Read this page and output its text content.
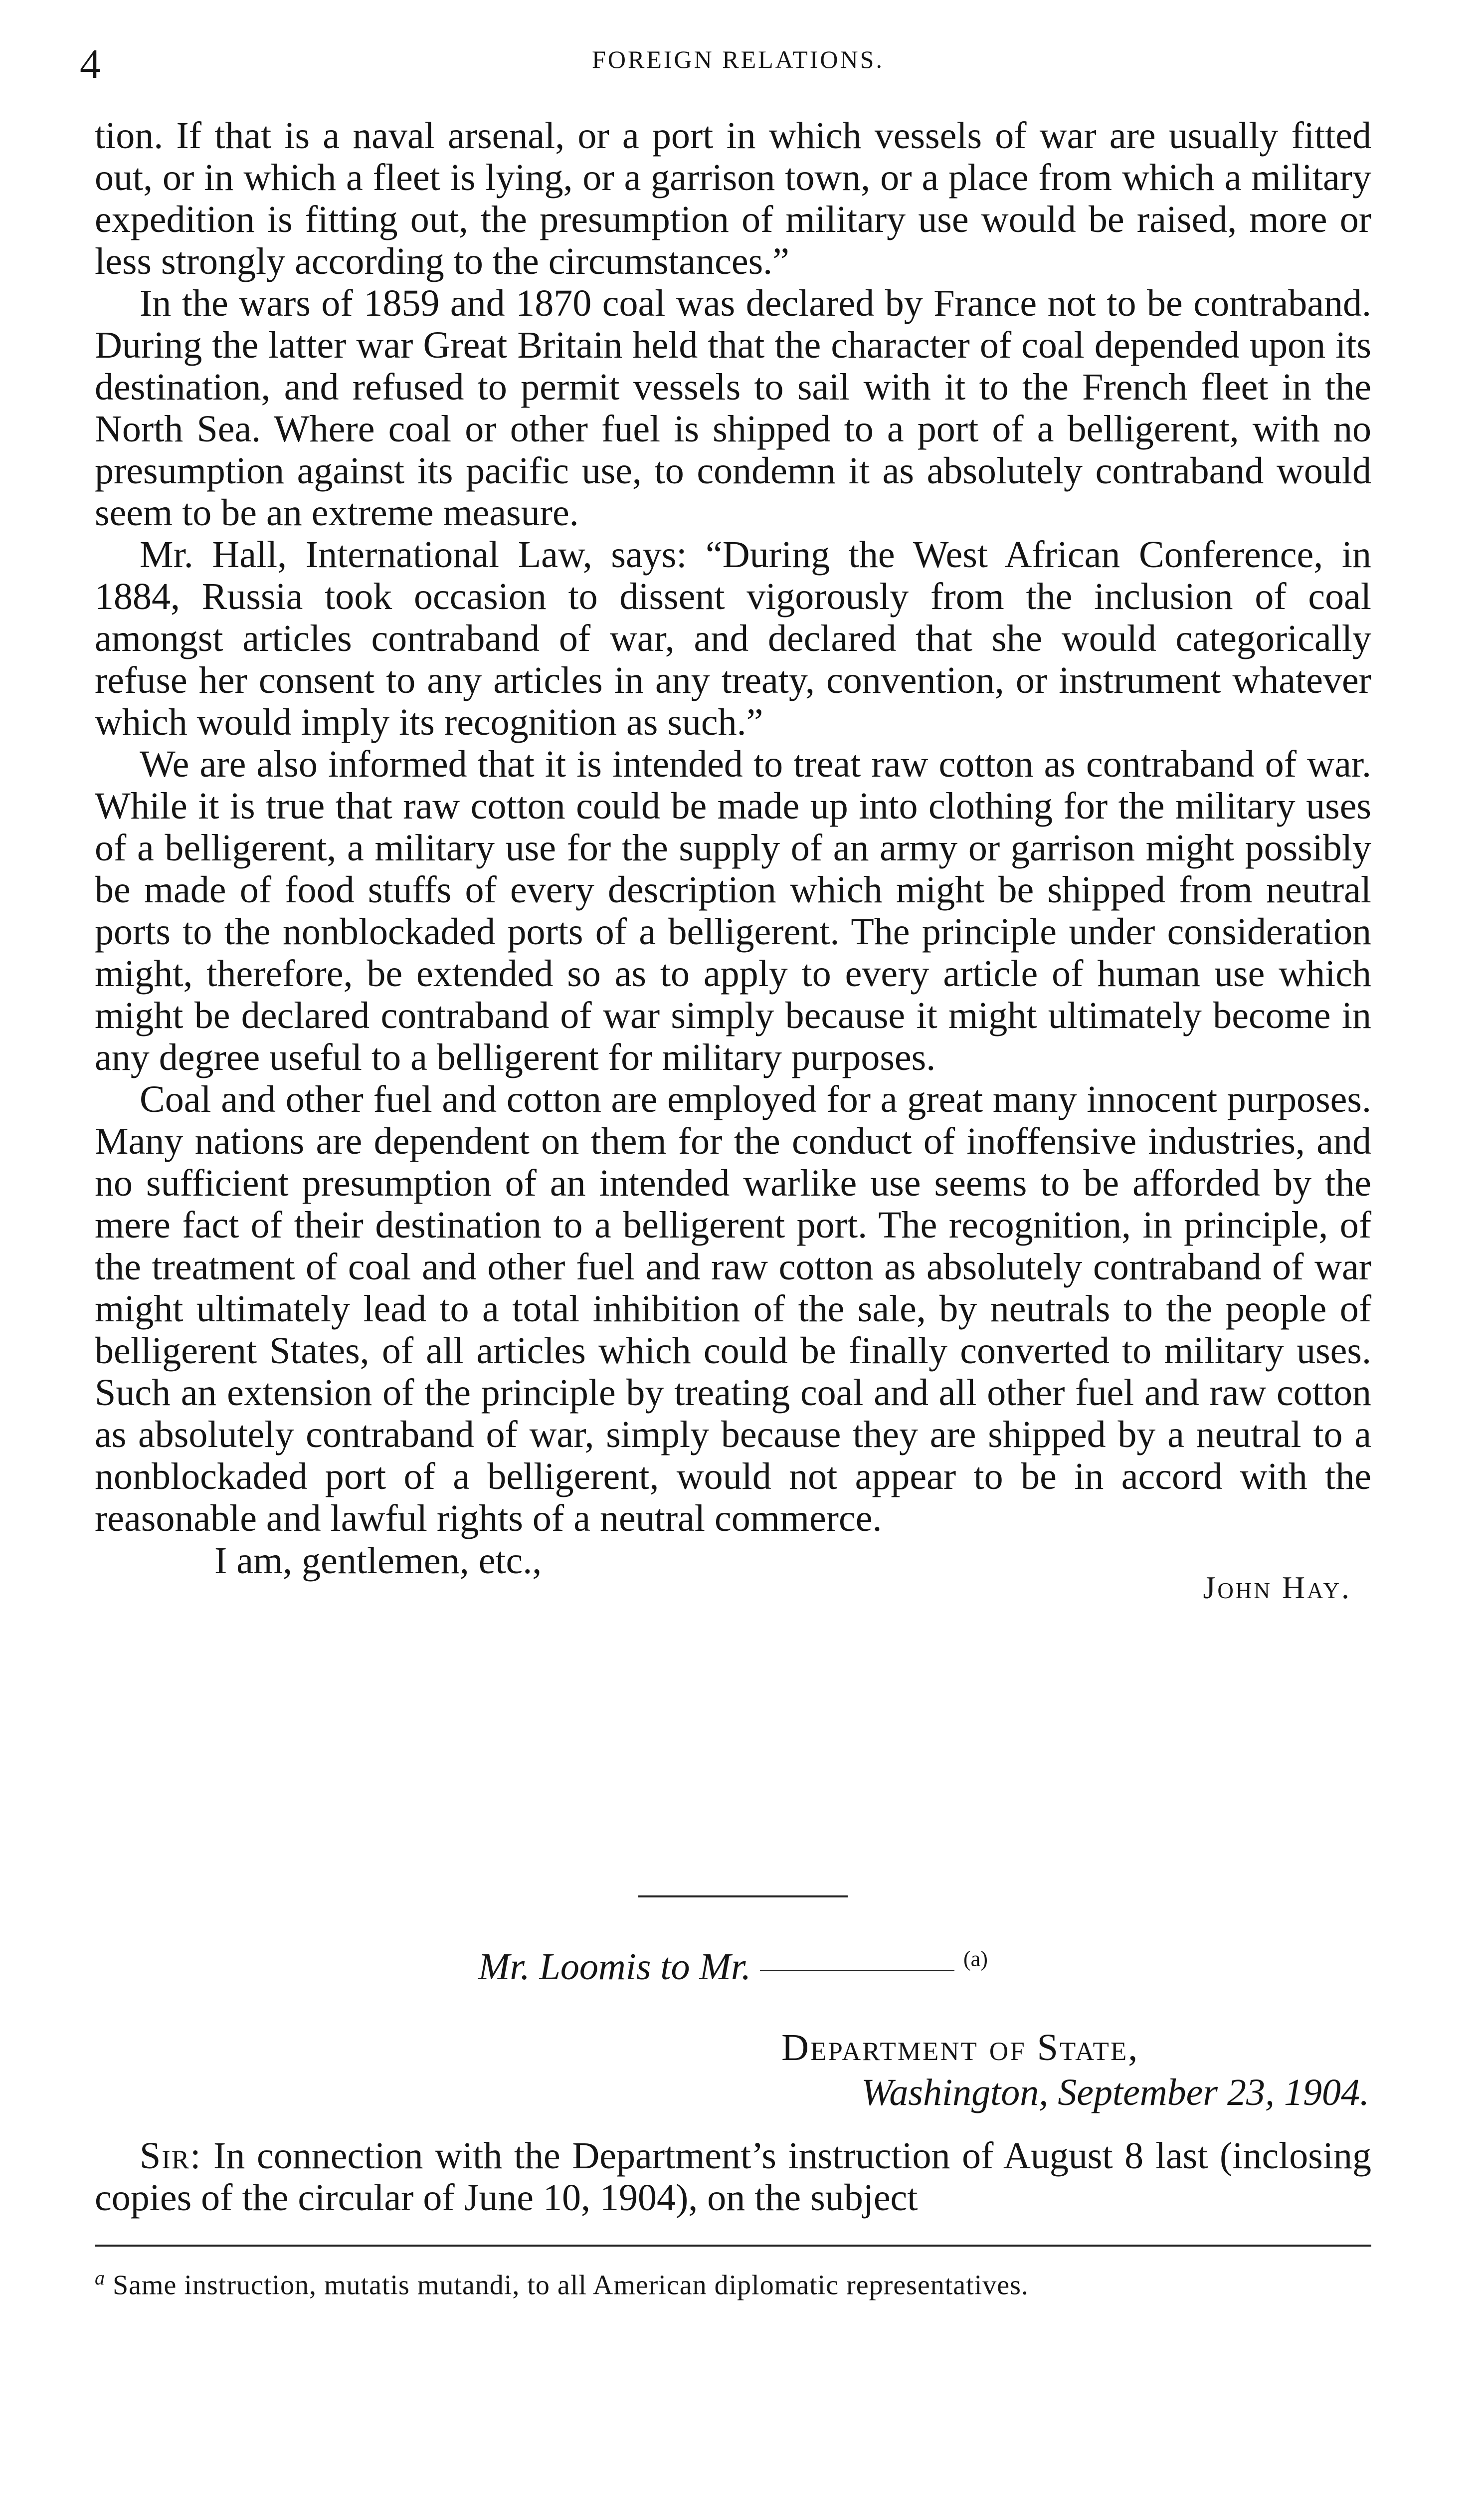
4	FOREIGN RELATIONS.

tion. If that is a naval arsenal, or a port in which vessels of war are usually fitted out, or in which a fleet is lying, or a garrison town, or a place from which a military expedition is fitting out, the presumption of military use would be raised, more or less strongly according to the circumstances.”

In the wars of 1859 and 1870 coal was declared by France not to be contraband. During the latter war Great Britain held that the character of coal depended upon its destination, and refused to permit vessels to sail with it to the French fleet in the North Sea. Where coal or other fuel is shipped to a port of a belligerent, with no presumption against its pacific use, to condemn it as absolutely contraband would seem to be an extreme measure.

Mr. Hall, International Law, says: “During the West African Conference, in 1884, Russia took occasion to dissent vigorously from the inclusion of coal amongst articles contraband of war, and declared that she would categorically refuse her consent to any articles in any treaty, convention, or instrument whatever which would imply its recognition as such.”

We are also informed that it is intended to treat raw cotton as contraband of war. While it is true that raw cotton could be made up into clothing for the military uses of a belligerent, a military use for the supply of an army or garrison might possibly be made of food stuffs of every description which might be shipped from neutral ports to the nonblockaded ports of a belligerent. The principle under consideration might, therefore, be extended so as to apply to every article of human use which might be declared contraband of war simply because it might ultimately become in any degree useful to a belligerent for military purposes.

Coal and other fuel and cotton are employed for a great many innocent purposes. Many nations are dependent on them for the conduct of inoffensive industries, and no sufficient presumption of an intended warlike use seems to be afforded by the mere fact of their destination to a belligerent port. The recognition, in principle, of the treatment of coal and other fuel and raw cotton as absolutely contraband of war might ultimately lead to a total inhibition of the sale, by neutrals to the people of belligerent States, of all articles which could be finally converted to military uses. Such an extension of the principle by treating coal and all other fuel and raw cotton as absolutely contraband of war, simply because they are shipped by a neutral to a nonblockaded port of a belligerent, would not appear to be in accord with the reasonable and lawful rights of a neutral commerce.

I am, gentlemen, etc.,
John Hay.
Mr. Loomis to Mr.	$^{(a)}$
Department of State,
Washington, September 23, 1904.

Sir: In connection with the Department’s instruction of August 8 last (inclosing copies of the circular of June 10, 1904), on the subject

$^a$ Same instruction, mutatis mutandi, to all American diplomatic representatives.
